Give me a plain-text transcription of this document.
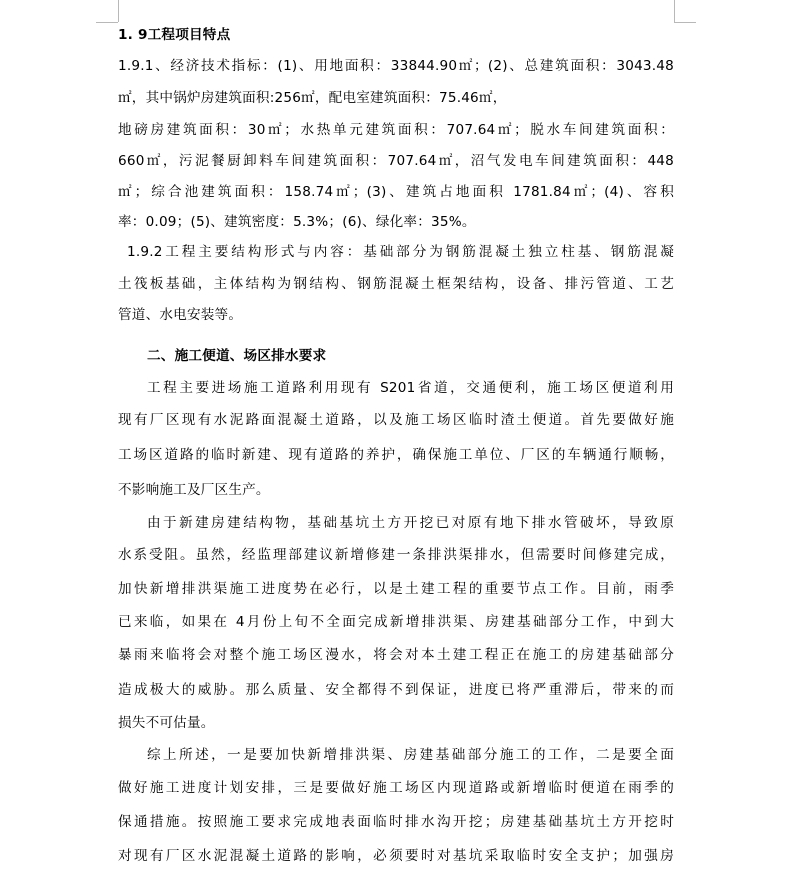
1. 9工程项目特点
1.9.1、经济技术指标：(1)、用地面积：33844.90㎡；(2)、总建筑面积：3043.48
㎡，其中锅炉房建筑面积:256㎡，配电室建筑面积：75.46㎡，
地磅房建筑面积：30㎡；水热单元建筑面积：707.64㎡；脱水车间建筑面积：
660㎡，污泥餐厨卸料车间建筑面积：707.64㎡，沼气发电车间建筑面积：448
㎡；综合池建筑面积：158.74㎡；(3)、建筑占地面积 1781.84㎡；(4)、容积
率：0.09；(5)、建筑密度：5.3%；(6)、绿化率：35%。
1.9.2工程主要结构形式与内容：基础部分为钢筋混凝土独立柱基、钢筋混凝
土筏板基础，主体结构为钢结构、钢筋混凝土框架结构，设备、排污管道、工艺
管道、水电安装等。
二、施工便道、场区排水要求
工程主要进场施工道路利用现有 S201省道，交通便利，施工场区便道利用
现有厂区现有水泥路面混凝土道路，以及施工场区临时渣土便道。首先要做好施
工场区道路的临时新建、现有道路的养护，确保施工单位、厂区的车辆通行顺畅，
不影响施工及厂区生产。
由于新建房建结构物，基础基坑土方开挖已对原有地下排水管破坏，导致原
水系受阻。虽然，经监理部建议新增修建一条排洪渠排水，但需要时间修建完成，
加快新增排洪渠施工进度势在必行，以是土建工程的重要节点工作。目前，雨季
已来临，如果在 4月份上旬不全面完成新增排洪渠、房建基础部分工作，中到大
暴雨来临将会对整个施工场区漫水，将会对本土建工程正在施工的房建基础部分
造成极大的威胁。那么质量、安全都得不到保证，进度已将严重滞后，带来的而
损失不可估量。
综上所述，一是要加快新增排洪渠、房建基础部分施工的工作，二是要全面
做好施工进度计划安排，三是要做好施工场区内现道路或新增临时便道在雨季的
保通措施。按照施工要求完成地表面临时排水沟开挖；房建基础基坑土方开挖时
对现有厂区水泥混凝土道路的影响，必须要时对基坑采取临时安全支护；加强房
